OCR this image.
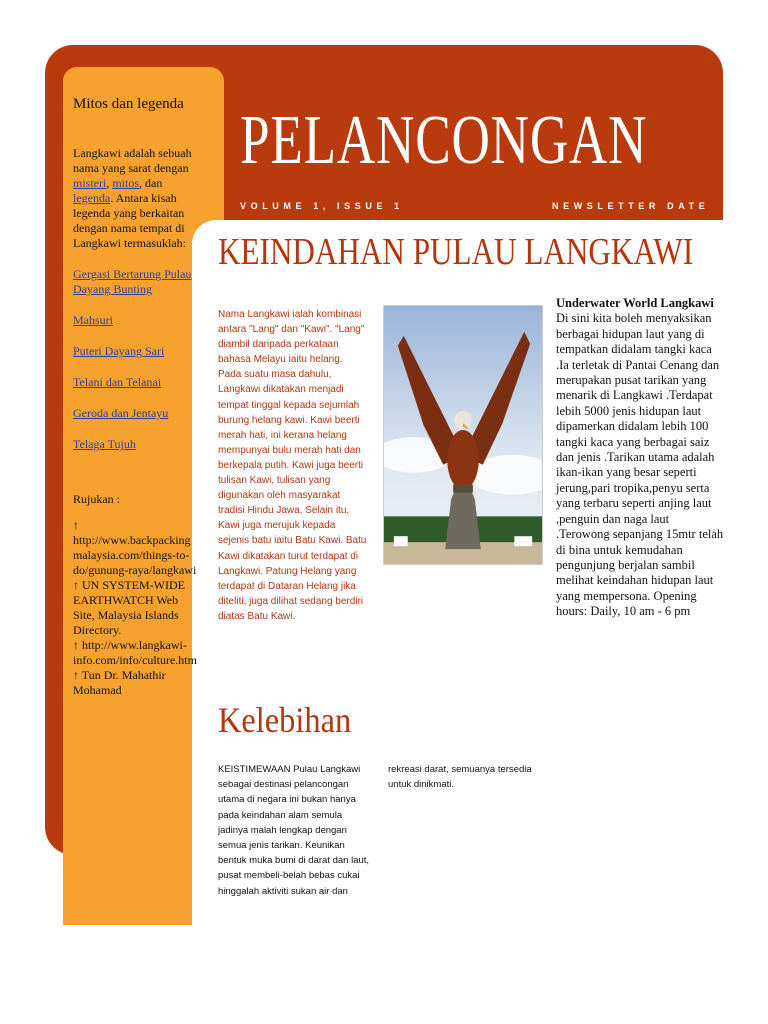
Mitos dan legenda

Langkawi adalah sebuah nama yang sarat dengan misteri, mitos, dan legenda. Antara kisah legenda yang berkaitan dengan nama tempat di Langkawi termasuklah:

Gergasi Bertarung Pulau Dayang Bunting
Mahsuri
Puteri Dayang Sari
Telani dan Telanai
Geroda dan Jentayu
Telaga Tujuh
Rujukan :
↑ http://www.backpackingmalaysia.com/things-to-do/gunung-raya/langkawi
↑ UN SYSTEM-WIDE EARTHWATCH Web Site, Malaysia Islands Directory.
↑ http://www.langkawi-info.com/info/culture.htm
↑ Tun Dr. Mahathir Mohamad
PELANCONGAN
VOLUME 1, ISSUE 1	NEWSLETTER DATE
KEINDAHAN PULAU LANGKAWI
Nama Langkawi ialah kombinasi antara "Lang" dan "Kawi". "Lang" diambil daripada perkataan bahasa Melayu iaitu helang. Pada suatu masa dahulu, Langkawi dikatakan menjadi tempat tinggal kepada sejumlah burung helang kawi. Kawi beerti merah hati, ini kerana helang mempunyai bulu merah hati dan berkepala putih. Kawi juga beerti tulisan Kawi, tulisan yang digunakan oleh masyarakat tradisi Hindu Jawa. Selain itu, Kawi juga merujuk kepada sejenis batu iaitu Batu Kawi. Batu Kawi dikatakan turut terdapat di Langkawi. Patung Helang yang terdapat di Dataran Helang jika diteliti, juga dilihat sedang berdiri diatas Batu Kawi.
Underwater World Langkawi
Di sini kita boleh menyaksikan berbagai hidupan laut yang di tempatkan didalam tangki kaca .Ia terletak di Pantai Cenang dan merupakan pusat tarikan yang menarik di Langkawi .Terdapat lebih 5000 jenis hidupan laut dipamerkan didalam lebih 100 tangki kaca yang berbagai saiz dan jenis .Tarikan utama adalah ikan-ikan yang besar seperti jerung,pari tropika,penyu serta yang terbaru seperti anjing laut ,penguin dan naga laut .Terowong sepanjang 15mtr telah di bina untuk kemudahan pengunjung berjalan sambil melihat keindahan hidupan laut yang mempersona. Opening hours: Daily, 10 am - 6 pm
Kelebihan
KEISTIMEWAAN Pulau Langkawi sebagai destinasi pelancongan utama di negara ini bukan hanya pada keindahan alam semula jadinya malah lengkap dengan semua jenis tarikan. Keunikan bentuk muka bumi di darat dan laut, pusat membeli-belah bebas cukai hinggalah aktiviti sukan air dan
rekreasi darat, semuanya tersedia untuk dinikmati.
